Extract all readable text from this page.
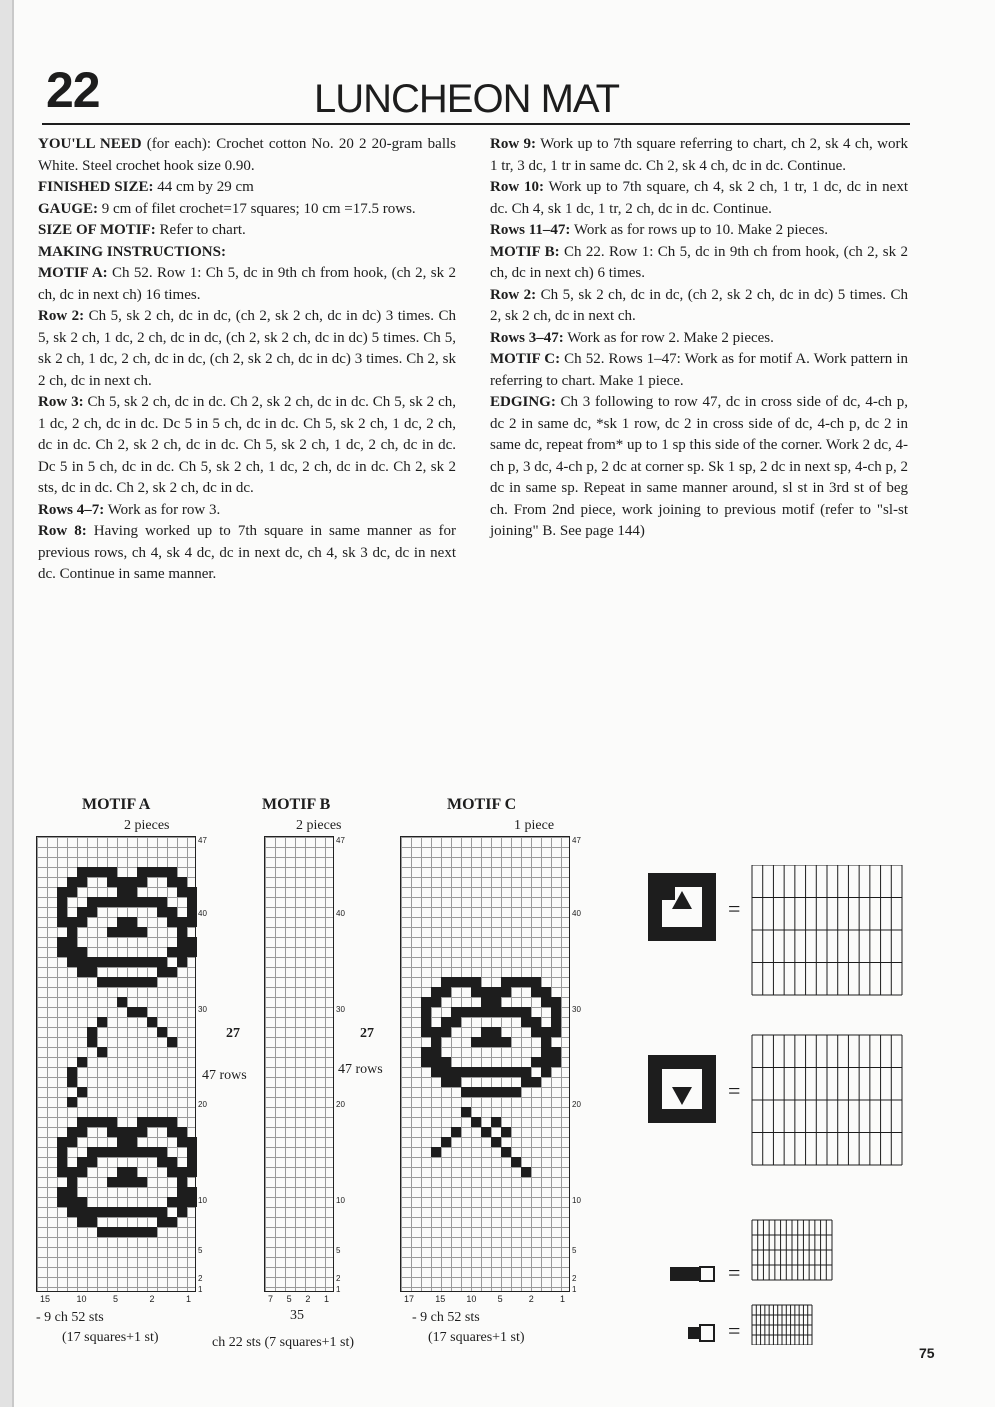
22	LUNCHEON MAT

YOU'LL NEED (for each): Crochet cotton No. 20 2 20-gram balls White. Steel crochet hook size 0.90.

FINISHED SIZE: 44 cm by 29 cm

GAUGE: 9 cm of filet crochet=17 squares; 10 cm =17.5 rows.

SIZE OF MOTIF: Refer to chart.

MAKING INSTRUCTIONS:

MOTIF A: Ch 52. Row 1: Ch 5, dc in 9th ch from hook, (ch 2, sk 2 ch, dc in next ch) 16 times.

Row 2: Ch 5, sk 2 ch, dc in dc, (ch 2, sk 2 ch, dc in dc) 3 times. Ch 5, sk 2 ch, 1 dc, 2 ch, dc in dc, (ch 2, sk 2 ch, dc in dc) 5 times. Ch 5, sk 2 ch, 1 dc, 2 ch, dc in dc, (ch 2, sk 2 ch, dc in dc) 3 times. Ch 2, sk 2 ch, dc in next ch.

Row 3: Ch 5, sk 2 ch, dc in dc. Ch 2, sk 2 ch, dc in dc. Ch 5, sk 2 ch, 1 dc, 2 ch, dc in dc. Dc 5 in 5 ch, dc in dc. Ch 5, sk 2 ch, 1 dc, 2 ch, dc in dc. Ch 2, sk 2 ch, dc in dc. Ch 5, sk 2 ch, 1 dc, 2 ch, dc in dc. Dc 5 in 5 ch, dc in dc. Ch 5, sk 2 ch, 1 dc, 2 ch, dc in dc. Ch 2, sk 2 sts, dc in dc. Ch 2, sk 2 ch, dc in dc.

Rows 4–7: Work as for row 3.

Row 8: Having worked up to 7th square in same manner as for previous rows, ch 4, sk 4 dc, dc in next dc, ch 4, sk 3 dc, dc in next dc. Continue in same manner.

Row 9: Work up to 7th square referring to chart, ch 2, sk 4 ch, work 1 tr, 3 dc, 1 tr in same dc. Ch 2, sk 4 ch, dc in dc. Continue.

Row 10: Work up to 7th square, ch 4, sk 2 ch, 1 tr, 1 dc, dc in next dc. Ch 4, sk 1 dc, 1 tr, 2 ch, dc in dc. Continue.

Rows 11–47: Work as for rows up to 10. Make 2 pieces.

MOTIF B: Ch 22. Row 1: Ch 5, dc in 9th ch from hook, (ch 2, sk 2 ch, dc in next ch) 6 times.

Row 2: Ch 5, sk 2 ch, dc in dc, (ch 2, sk 2 ch, dc in dc) 5 times. Ch 2, sk 2 ch, dc in next ch.

Rows 3–47: Work as for row 2. Make 2 pieces.

MOTIF C: Ch 52. Rows 1–47: Work as for motif A. Work pattern in referring to chart. Make 1 piece.

EDGING: Ch 3 following to row 47, dc in cross side of dc, 4-ch p, dc 2 in same dc, *sk 1 row, dc 2 in cross side of dc, 4-ch p, dc 2 in same dc, repeat from* up to 1 sp this side of the corner. Work 2 dc, 4-ch p, 3 dc, 4-ch p, 2 dc at corner sp. Sk 1 sp, 2 dc in next sp, 4-ch p, 2 dc in same sp. Repeat in same manner around, sl st in 3rd st of beg ch. From 2nd piece, work joining to previous motif (refer to "sl-st joining" B. See page 144)

MOTIF A
2 pieces
27
47 rows
- 9 ch 52 sts
(17 squares+1 st)
MOTIF B
2 pieces
27
47 rows
35
ch 22 sts (7 squares+1 st)
MOTIF C
1 piece
- 9 ch 52 sts
(17 squares+1 st)
=
=
=
=
75
47
40
30
20
10
5
2
1
15	10	5	2	1
47
40
30
20
10
5
2
1
7 5 2 1
47
40
30
20
10
5
2
1
17 15 10 5	2	1
